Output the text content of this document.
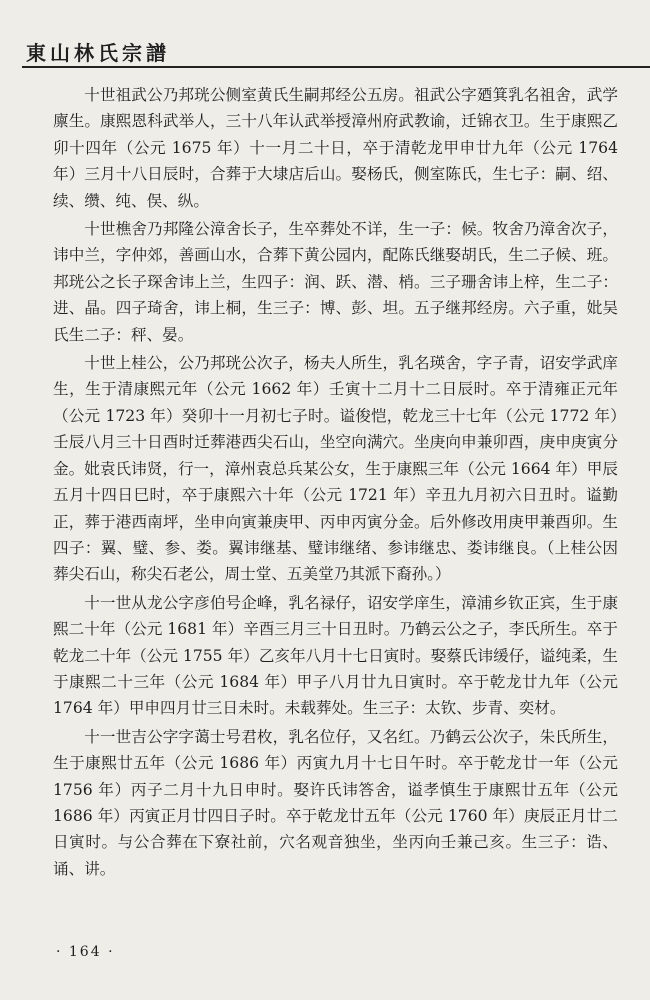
東山林氏宗譜

十世祖武公乃邦珖公侧室黄氏生嗣邦经公五房。祖武公字廼箕乳名祖舍，武学廪生。康熙恩科武举人，三十八年认武举授漳州府武教谕，迁锦衣卫。生于康熙乙卯十四年（公元 1675 年）十一月二十日，卒于清乾龙甲申廿九年（公元 1764 年）三月十八日辰时，合葬于大埭店后山。娶杨氏，侧室陈氏，生七子：嗣、绍、续、缵、纯、俣、纵。

十世樵舍乃邦隆公漳舍长子，生卒葬处不详，生一子：候。牧舍乃漳舍次子，讳中兰，字仲郊，善画山水，合葬下黄公园内，配陈氏继娶胡氏，生二子候、班。邦珖公之长子琛舍讳上兰，生四子：润、跃、潜、梢。三子珊舍讳上梓，生二子：进、晶。四子琦舍，讳上桐，生三子：博、彭、坦。五子继邦经房。六子重，妣吴氏生二子：秤、晏。

十世上桂公，公乃邦珖公次子，杨夫人所生，乳名瑛舍，字子青，诏安学武庠生，生于清康熙元年（公元 1662 年）壬寅十二月十二日辰时。卒于清雍正元年（公元 1723 年）癸卯十一月初七子时。谥俊恺，乾龙三十七年（公元 1772 年）壬辰八月三十日酉时迁葬港西尖石山，坐空向满穴。坐庚向申兼卯酉，庚申庚寅分金。妣袁氏讳贤，行一，漳州袁总兵某公女，生于康熙三年（公元 1664 年）甲辰五月十四日巳时，卒于康熙六十年（公元 1721 年）辛丑九月初六日丑时。谥勤正，葬于港西南坪，坐申向寅兼庚甲、丙申丙寅分金。后外修改用庚甲兼酉卯。生四子：翼、璧、参、娄。翼讳继基、璧讳继绪、参讳继忠、娄讳继良。（上桂公因葬尖石山，称尖石老公，周士堂、五美堂乃其派下裔孙。）

十一世从龙公字彦伯号企峰，乳名禄仔，诏安学庠生，漳浦乡钦正宾，生于康熙二十年（公元 1681 年）辛酉三月三十日丑时。乃鹤云公之子，李氏所生。卒于乾龙二十年（公元 1755 年）乙亥年八月十七日寅时。娶蔡氏讳缓仔，谥纯柔，生于康熙二十三年（公元 1684 年）甲子八月廿九日寅时。卒于乾龙廿九年（公元 1764 年）甲申四月廿三日未时。未载葬处。生三子：太钦、步青、奕材。

十一世吉公字字蔼士号君枚，乳名位仔，又名红。乃鹤云公次子，朱氏所生，生于康熙廿五年（公元 1686 年）丙寅九月十七日午时。卒于乾龙廿一年（公元 1756 年）丙子二月十九日申时。娶许氏讳答舍，谥孝慎生于康熙廿五年（公元 1686 年）丙寅正月廿四日子时。卒于乾龙廿五年（公元 1760 年）庚辰正月廿二日寅时。与公合葬在下寮社前，穴名观音独坐，坐丙向壬兼己亥。生三子：诰、诵、讲。

· 164 ·
